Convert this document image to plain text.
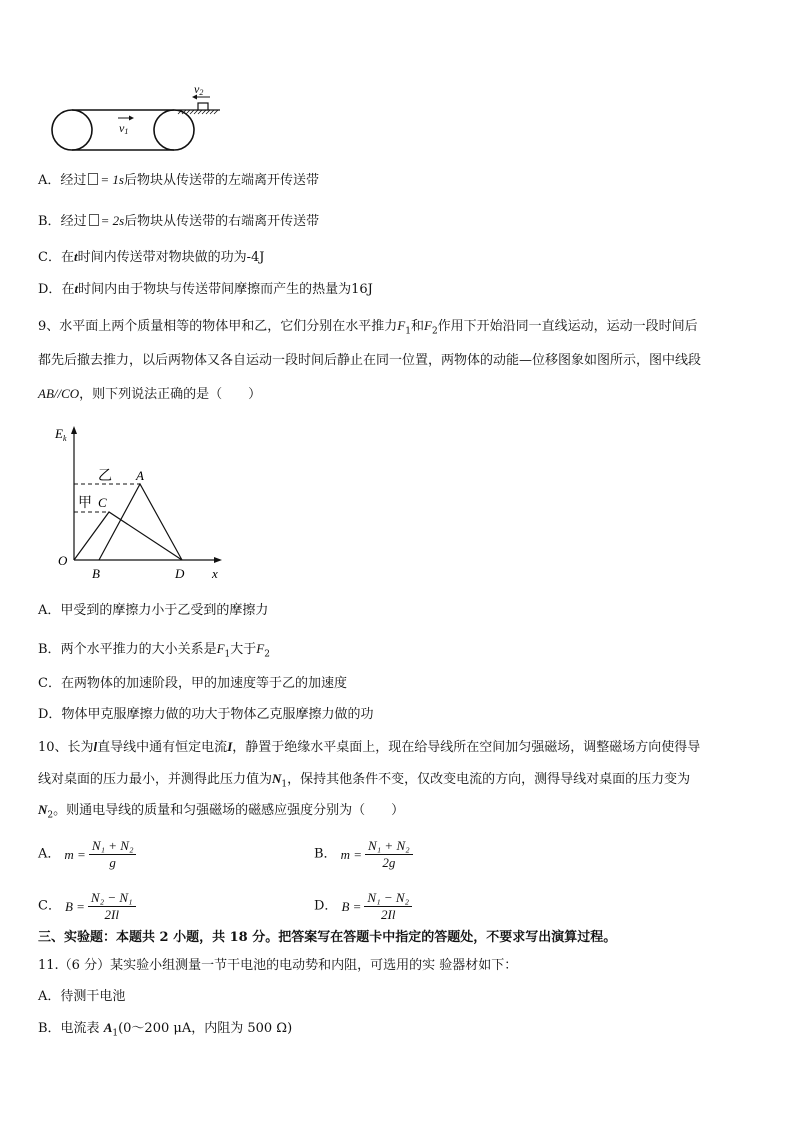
v2
v1
A．经过 = 1s后物块从传送带的左端离开传送带
B．经过 = 2s后物块从传送带的右端离开传送带
C．在t时间内传送带对物块做的功为-4J
D．在t时间内由于物块与传送带间摩擦而产生的热量为16J
9、水平面上两个质量相等的物体甲和乙，它们分别在水平推力$F_1$和$F_2$作用下开始沿同一直线运动，运动一段时间后
都先后撤去推力，以后两物体又各自运动一段时间后静止在同一位置，两物体的动能—位移图象如图所示，图中线段
AB//CO，则下列说法正确的是（　　）
$E_k$
x
O
乙
甲
A
C
B	D
A．甲受到的摩擦力小于乙受到的摩擦力
B．两个水平推力的大小关系是$F_1$大于$F_2$
C．在两物体的加速阶段，甲的加速度等于乙的加速度
D．物体甲克服摩擦力做的功大于物体乙克服摩擦力做的功
10、长为l直导线中通有恒定电流I，静置于绝缘水平桌面上，现在给导线所在空间加匀强磁场，调整磁场方向使得导
线对桌面的压力最小，并测得此压力值为$N_1$，保持其他条件不变，仅改变电流的方向，测得导线对桌面的压力变为
$N_2$。则通电导线的质量和匀强磁场的磁感应强度分别为（　　）
A． $m = \frac{\text{N₁ + N₂}}{g}$	B． $m = \frac{\text{N₁ + N₂}}{2g}$
C． $B = \frac{\text{N₂ − N₁}}{2Il}$	D． $B = \frac{\text{N₁ − N₂}}{2Il}$
三、实验题：本题共 2 小题，共 18 分。把答案写在答题卡中指定的答题处，不要求写出演算过程。
11.（6 分）某实验小组测量一节干电池的电动势和内阻，可选用的实 验器材如下：
A．待测干电池
B．电流表 $A_1(0\sim 200$ μA，内阻为 500 Ω)
